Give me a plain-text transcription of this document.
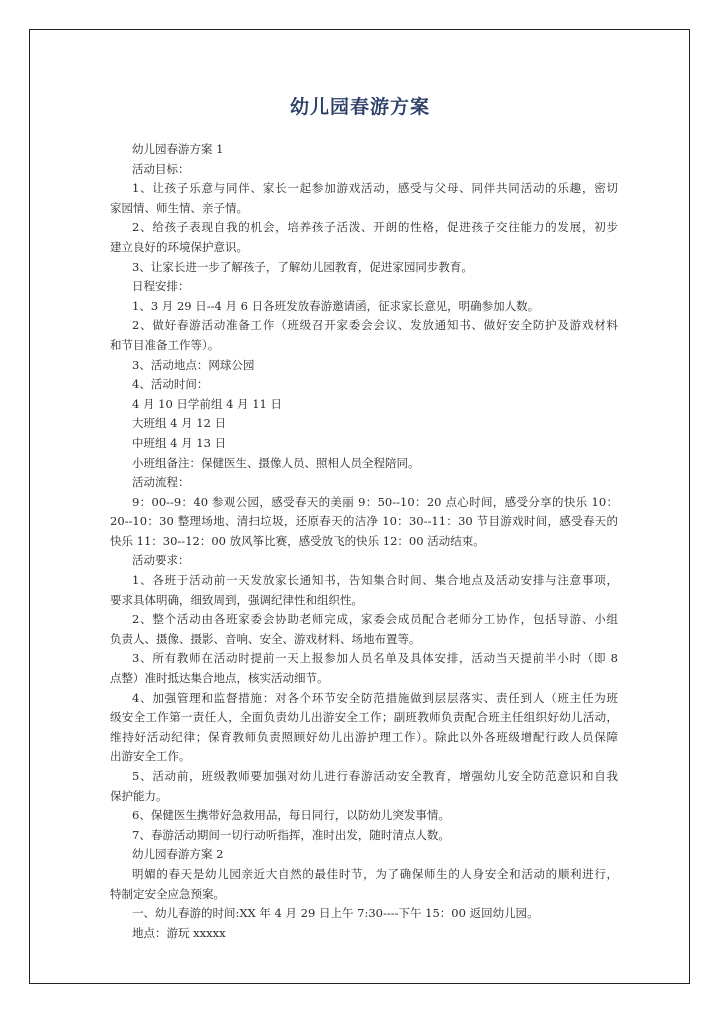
幼儿园春游方案
幼儿园春游方案 1
活动目标：
1、让孩子乐意与同伴、家长一起参加游戏活动，感受与父母、同伴共同活动的乐趣，密切
家园情、师生情、亲子情。
2、给孩子表现自我的机会，培养孩子活泼、开朗的性格，促进孩子交往能力的发展，初步
建立良好的环境保护意识。
3、让家长进一步了解孩子，了解幼儿园教育，促进家园同步教育。
日程安排：
1、3 月 29 日--4 月 6 日各班发放春游邀请函，征求家长意见，明确参加人数。
2、做好春游活动准备工作（班级召开家委会会议、发放通知书、做好安全防护及游戏材料
和节目准备工作等）。
3、活动地点：网球公园
4、活动时间：
4 月 10 日学前组 4 月 11 日
大班组 4 月 12 日
中班组 4 月 13 日
小班组备注：保健医生、摄像人员、照相人员全程陪同。
活动流程：
9：00--9：40 参观公园，感受春天的美丽 9：50--10：20 点心时间，感受分享的快乐 10：
20--10：30 整理场地、清扫垃圾，还原春天的洁净 10：30--11：30 节目游戏时间，感受春天的
快乐 11：30--12：00 放风筝比赛，感受放飞的快乐 12：00 活动结束。
活动要求：
1、各班于活动前一天发放家长通知书，告知集合时间、集合地点及活动安排与注意事项，
要求具体明确，细致周到，强调纪律性和组织性。
2、整个活动由各班家委会协助老师完成，家委会成员配合老师分工协作，包括导游、小组
负责人、摄像、摄影、音响、安全、游戏材料、场地布置等。
3、所有教师在活动时提前一天上报参加人员名单及具体安排，活动当天提前半小时（即 8
点整）准时抵达集合地点，核实活动细节。
4、加强管理和监督措施：对各个环节安全防范措施做到层层落实、责任到人（班主任为班
级安全工作第一责任人，全面负责幼儿出游安全工作；副班教师负责配合班主任组织好幼儿活动，
维持好活动纪律；保育教师负责照顾好幼儿出游护理工作）。除此以外各班级增配行政人员保障
出游安全工作。
5、活动前，班级教师要加强对幼儿进行春游活动安全教育，增强幼儿安全防范意识和自我
保护能力。
6、保健医生携带好急救用品，每日同行，以防幼儿突发事情。
7、春游活动期间一切行动听指挥，准时出发，随时清点人数。
幼儿园春游方案 2
明媚的春天是幼儿园亲近大自然的最佳时节，为了确保师生的人身安全和活动的顺利进行，
特制定安全应急预案。
一、幼儿春游的时间:XX 年 4 月 29 日上午 7:30----下午 15：00 返回幼儿园。
地点：游玩 xxxxx
